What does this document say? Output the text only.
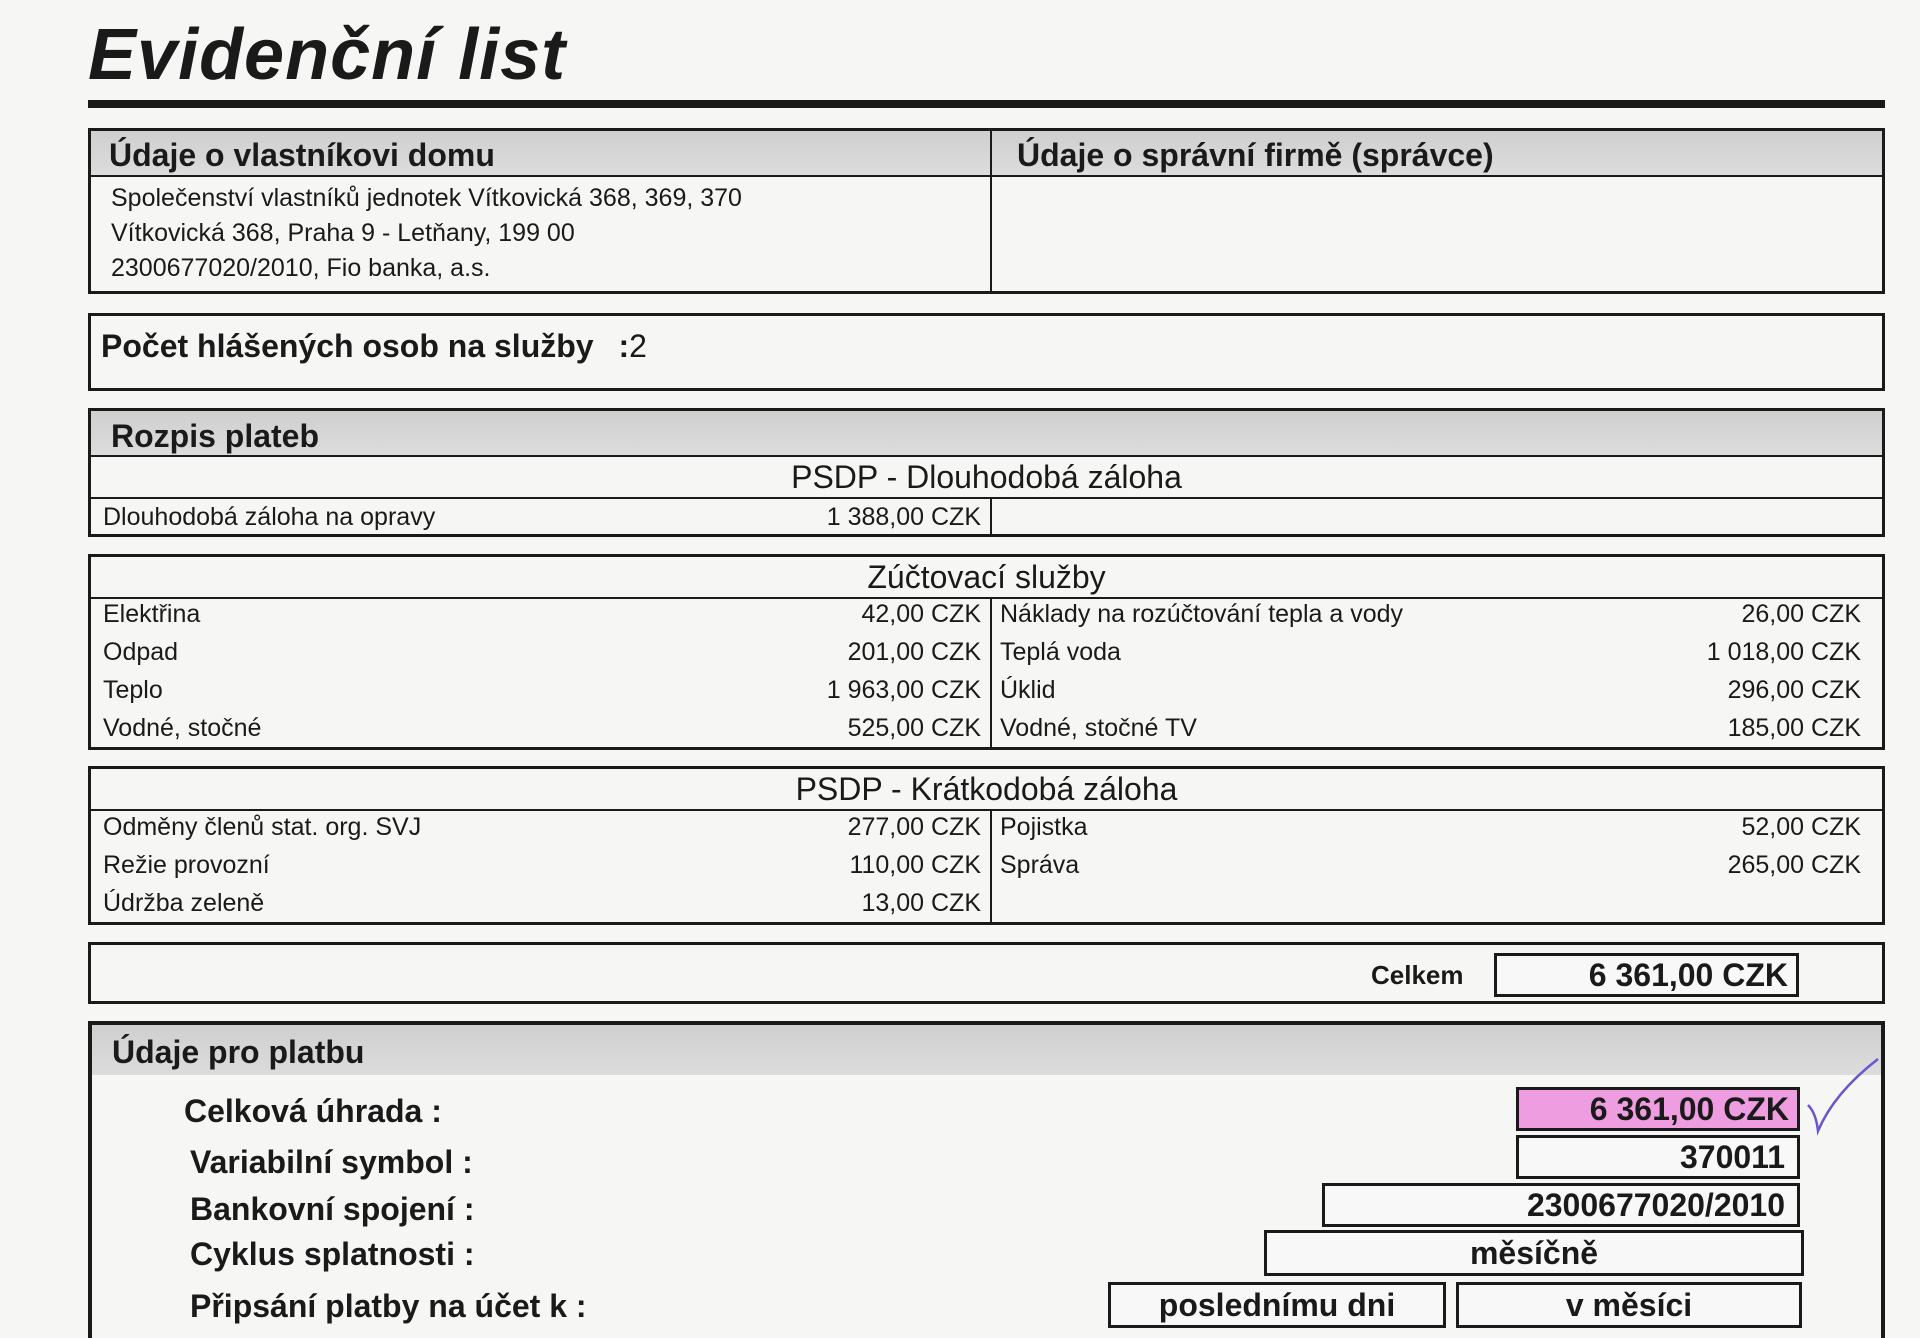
Evidenční list
Údaje o vlastníkovi domu	Údaje o správní firmě (správce)
Společenství vlastníků jednotek Vítkovická 368, 369, 370
Vítkovická 368, Praha 9 - Letňany, 199 00
2300677020/2010, Fio banka, a.s.
Počet hlášených osob na služby :2
Rozpis plateb
PSDP - Dlouhodobá záloha
Dlouhodobá záloha na opravy	1 388,00 CZK
Zúčtovací služby
Elektřina	42,00 CZK
Odpad	201,00 CZK
Teplo	1 963,00 CZK
Vodné, stočné	525,00 CZK
Náklady na rozúčtování tepla a vody	26,00 CZK
Teplá voda	1 018,00 CZK
Úklid	296,00 CZK
Vodné, stočné TV	185,00 CZK
PSDP - Krátkodobá záloha
Odměny členů stat. org. SVJ	277,00 CZK
Režie provozní	110,00 CZK
Údržba zeleně	13,00 CZK
Pojistka	52,00 CZK
Správa	265,00 CZK
Celkem	6 361,00 CZK
Údaje pro platbu
Celková úhrada :	6 361,00 CZK
Variabilní symbol :	370011
Bankovní spojení :	2300677020/2010
Cyklus splatnosti :	měsíčně
Připsání platby na účet k :	poslednímu dni	v měsíci
